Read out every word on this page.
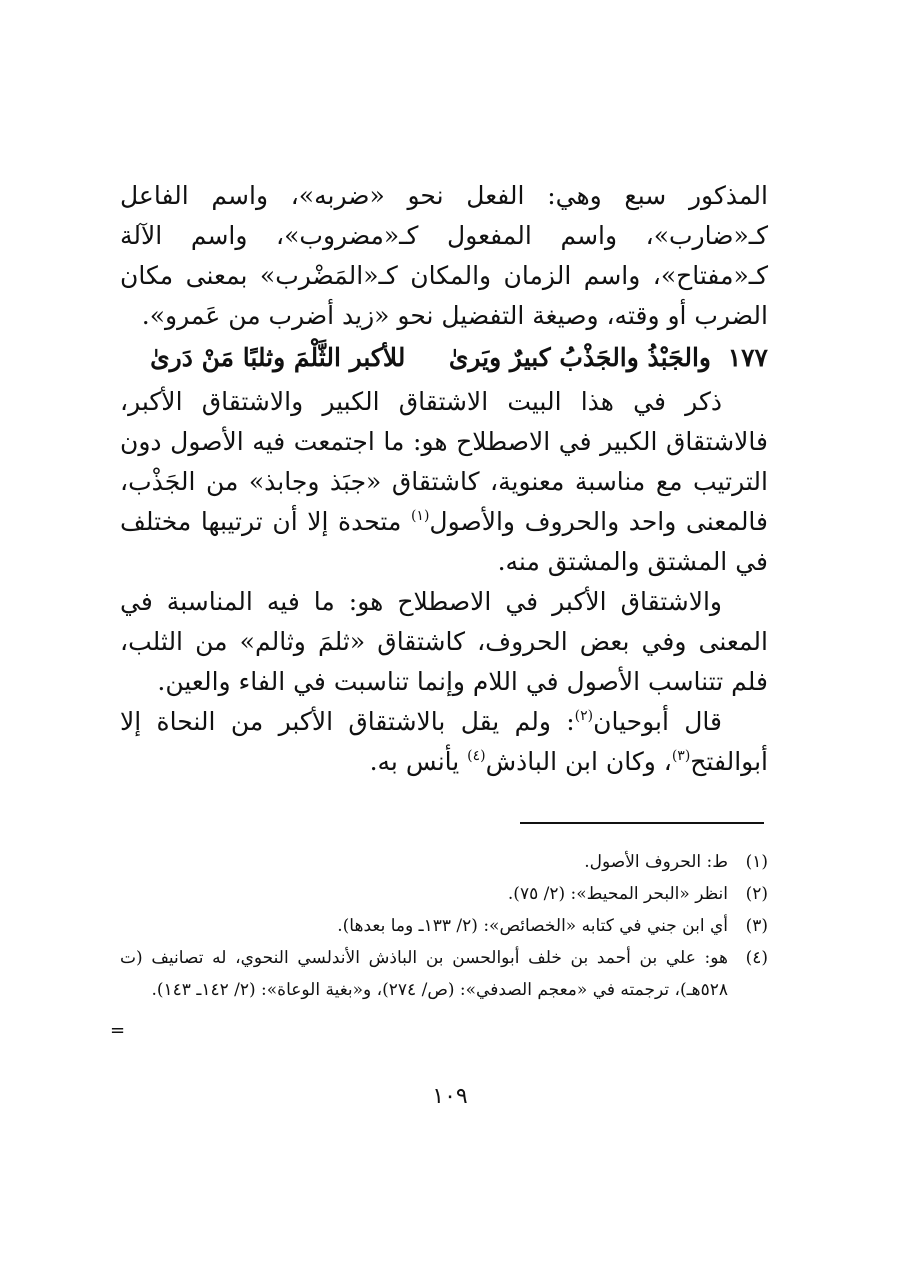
المذكور سبع وهي: الفعل نحو «ضربه»، واسم الفاعل كـ«ضارب»، واسم المفعول كـ«مضروب»، واسم الآلة كـ«مفتاح»، واسم الزمان والمكان كـ«المَضْرب» بمعنى مكان الضرب أو وقته، وصيغة التفضيل نحو «زيد أضرب من عَمرو».

١٧٧ والجَبْذُ والجَذْبُ كبيرٌ ويَرىٰ  للأكبر الثَّلْمَ وثلبًا مَنْ دَرىٰ

ذكر في هذا البيت الاشتقاق الكبير والاشتقاق الأكبر، فالاشتقاق الكبير في الاصطلاح هو: ما اجتمعت فيه الأصول دون الترتيب مع مناسبة معنوية، كاشتقاق «جبَذ وجابذ» من الجَذْب، فالمعنى واحد والحروف والأصول$^{(١)}$ متحدة إلا أن ترتيبها مختلف في المشتق والمشتق منه.

والاشتقاق الأكبر في الاصطلاح هو: ما فيه المناسبة في المعنى وفي بعض الحروف، كاشتقاق «ثلمَ وثالم» من الثلب، فلم تتناسب الأصول في اللام وإنما تناسبت في الفاء والعين.

قال أبوحيان$^{(٢)}$: ولم يقل بالاشتقاق الأكبر من النحاة إلا أبوالفتح$^{(٣)}$، وكان ابن الباذش$^{(٤)}$ يأنس به.

(١)
ط: الحروف الأصول.
(٢)
انظر «البحر المحيط»: (٢/ ٧٥).
(٣)
أي ابن جني في كتابه «الخصائص»: (٢/ ١٣٣ـ وما بعدها).
(٤)
هو: علي بن أحمد بن خلف أبوالحسن بن الباذش الأندلسي النحوي، له تصانيف (ت ٥٢٨هـ)، ترجمته في «معجم الصدفي»: (ص/ ٢٧٤)، و«بغية الوعاة»: (٢/ ١٤٢ـ ١٤٣).
=
١٠٩
